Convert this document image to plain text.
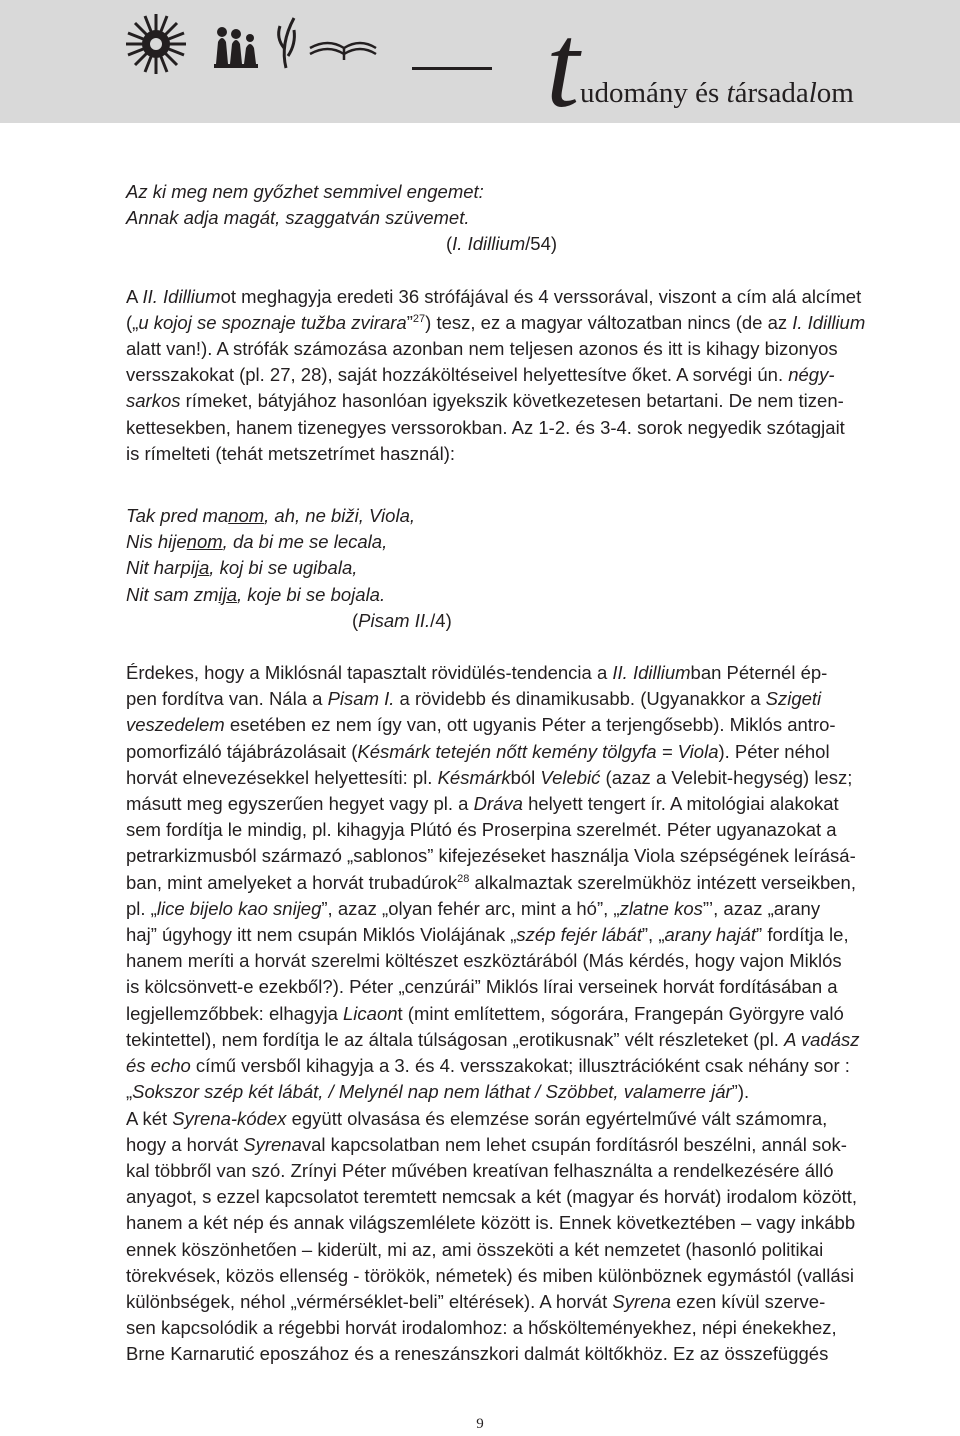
t udomány és társadalom

Az ki meg nem győzhet semmivel engemet:

Annak adja magát, szaggatván szüvemet.

(I. Idillium/54)

A II. Idilliumot meghagyja eredeti 36 strófájával és 4 verssorával, viszont a cím alá alcímet
(„u kojoj se spoznaje tužba zvirara”$^{27}$) tesz, ez a magyar változatban nincs (de az I. Idillium
alatt van!). A strófák számozása azonban nem teljesen azonos és itt is kihagy bizonyos
versszakokat (pl. 27, 28), saját hozzáköltéseivel helyettesítve őket. A sorvégi ún. négy-
sarkos rímeket, bátyjához hasonlóan igyekszik következetesen betartani. De nem tizen-
kettesekben, hanem tizenegyes verssorokban. Az 1-2. és 3-4. sorok negyedik szótagjait
is rímelteti (tehát metszetrímet használ):

Tak pred manom, ah, ne biži, Viola,

Nis hijenom, da bi me se lecala,

Nit harpija, koj bi se ugibala,

Nit sam zmija, koje bi se bojala.

(Pisam II./4)

Érdekes, hogy a Miklósnál tapasztalt rövidülés-tendencia a II. Idilliumban Péternél ép-
pen fordítva van. Nála a Pisam I. a rövidebb és dinamikusabb. (Ugyanakkor a Szigeti
veszedelem esetében ez nem így van, ott ugyanis Péter a terjengősebb). Miklós antro-
pomorfizáló tájábrázolásait (Késmárk tetején nőtt kemény tölgyfa = Viola). Péter néhol
horvát elnevezésekkel helyettesíti: pl. Késmárkból Velebić (azaz a Velebit-hegység) lesz;
másutt meg egyszerűen hegyet vagy pl. a Dráva helyett tengert ír. A mitológiai alakokat
sem fordítja le mindig, pl. kihagyja Plútó és Proserpina szerelmét. Péter ugyanazokat a
petrarkizmusból származó „sablonos” kifejezéseket használja Viola szépségének leírásá-
ban, mint amelyeket a horvát trubadúrok$^{28}$ alkalmaztak szerelmükhöz intézett verseikben,
pl. „lice bijelo kao snijeg”, azaz „olyan fehér arc, mint a hó”, „zlatne kos”’, azaz „arany
haj” úgyhogy itt nem csupán Miklós Violájának „szép fejér lábát”, „arany haját” fordítja le,
hanem meríti a horvát szerelmi költészet eszköztárából (Más kérdés, hogy vajon Miklós
is kölcsönvett-e ezekből?). Péter „cenzúrái” Miklós lírai verseinek horvát fordításában a
legjellemzőbbek: elhagyja Licaont (mint említettem, sógorára, Frangepán Györgyre való
tekintettel), nem fordítja le az általa túlságosan „erotikusnak” vélt részleteket (pl. A vadász
és echo című versből kihagyja a 3. és 4. versszakokat; illusztrációként csak néhány sor :
„Sokszor szép két lábát, / Melynél nap nem láthat / Szöbbet, valamerre jár”).
A két Syrena-kódex együtt olvasása és elemzése során egyértelművé vált számomra,
hogy a horvát Syrenaval kapcsolatban nem lehet csupán fordításról beszélni, annál sok-
kal többről van szó. Zrínyi Péter művében kreatívan felhasználta a rendelkezésére álló
anyagot, s ezzel kapcsolatot teremtett nemcsak a két (magyar és horvát) irodalom között,
hanem a két nép és annak világszemlélete között is. Ennek következtében – vagy inkább
ennek köszönhetően – kiderült, mi az, ami összeköti a két nemzetet (hasonló politikai
törekvések, közös ellenség - törökök, németek) és miben különböznek egymástól (vallási
különbségek, néhol „vérmérséklet-beli” eltérések). A horvát Syrena ezen kívül szerve-
sen kapcsolódik a régebbi horvát irodalomhoz: a hőskölteményekhez, népi énekekhez,
Brne Karnarutić eposzához és a reneszánszkori dalmát költőkhöz. Ez az összefüggés
9
